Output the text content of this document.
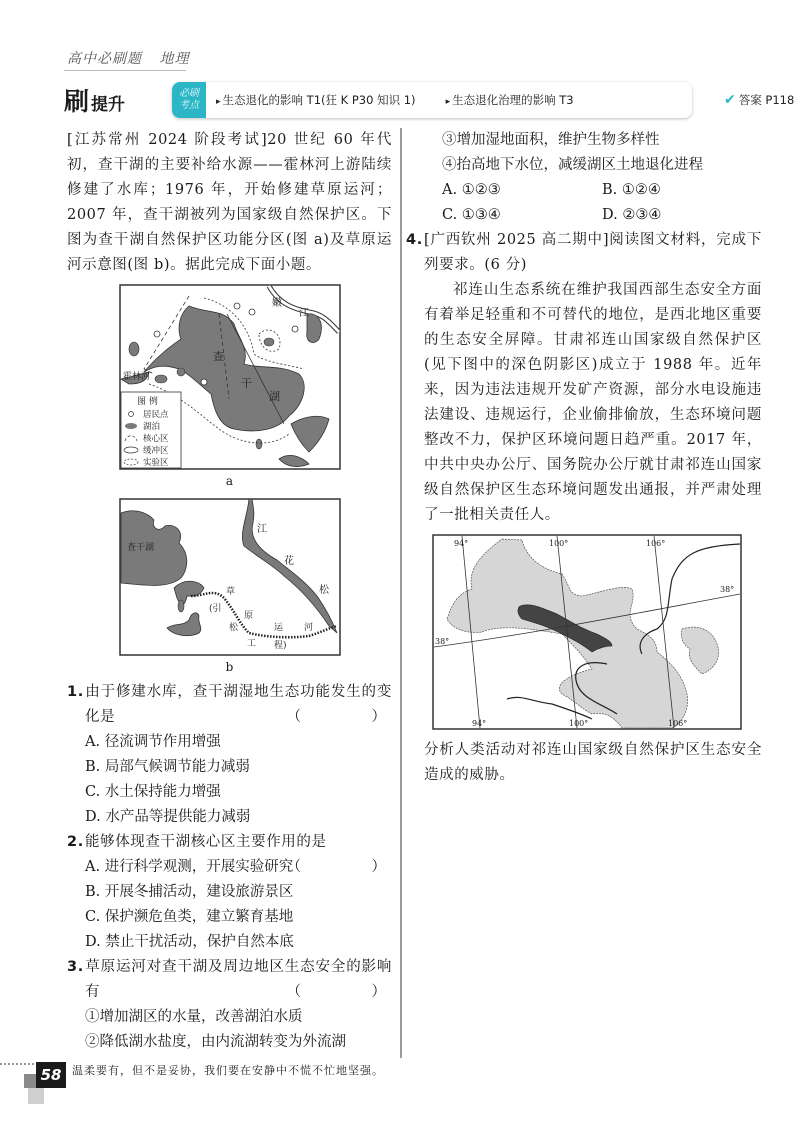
高中必刷题 地理
刷 提升
必刷
考点	▸ 生态退化的影响 T1(狂 K P30 知识 1)	▸ 生态退化治理的影响 T3	✔ 答案 P118

[江苏常州 2024 阶段考试]20 世纪 60 年代初，查干湖的主要补给水源——霍林河上游陆续修建了水库；1976 年，开始修建草原运河；2007 年，查干湖被列为国家级自然保护区。下图为查干湖自然保护区功能分区(图 a)及草原运河示意图(图 b)。据此完成下面小题。

霍林河
嫩
江
查
干
湖
图 例
居民点
湖泊
核心区
缓冲区
实验区
a
查干湖
江
花
松
草
原
运 河
(引
松
工 程)
b

1.由于修建水库，查干湖湿地生态功能发生的变化是	（　）

A. 径流调节作用增强

B. 局部气候调节能力减弱

C. 水土保持能力增强

D. 水产品等提供能力减弱

2.能够体现查干湖核心区主要作用的是
（　）

A. 进行科学观测，开展实验研究

B. 开展冬捕活动，建设旅游景区

C. 保护濒危鱼类，建立繁育基地

D. 禁止干扰活动，保护自然本底

3.草原运河对查干湖及周边地区生态安全的影响有	（　）

①增加湖区的水量，改善湖泊水质

②降低湖水盐度，由内流湖转变为外流湖

③增加湿地面积，维护生物多样性

④抬高地下水位，减缓湖区土地退化进程

A. ①②③	B. ①②④
C. ①③④	D. ②③④

4.[广西钦州 2025 高二期中]阅读图文材料，完成下列要求。(6 分)

祁连山生态系统在维护我国西部生态安全方面有着举足轻重和不可替代的地位，是西北地区重要的生态安全屏障。甘肃祁连山国家级自然保护区(见下图中的深色阴影区)成立于 1988 年。近年来，因为违法违规开发矿产资源，部分水电设施违法建设、违规运行，企业偷排偷放，生态环境问题整改不力，保护区环境问题日趋严重。2017 年，中共中央办公厅、国务院办公厅就甘肃祁连山国家级自然保护区生态环境问题发出通报，并严肃处理了一批相关责任人。

94°	100°	106°
94°	100°	106°
38°
38°

分析人类活动对祁连山国家级自然保护区生态安全造成的威胁。

58 温柔要有，但不是妥协，我们要在安静中不慌不忙地坚强。
